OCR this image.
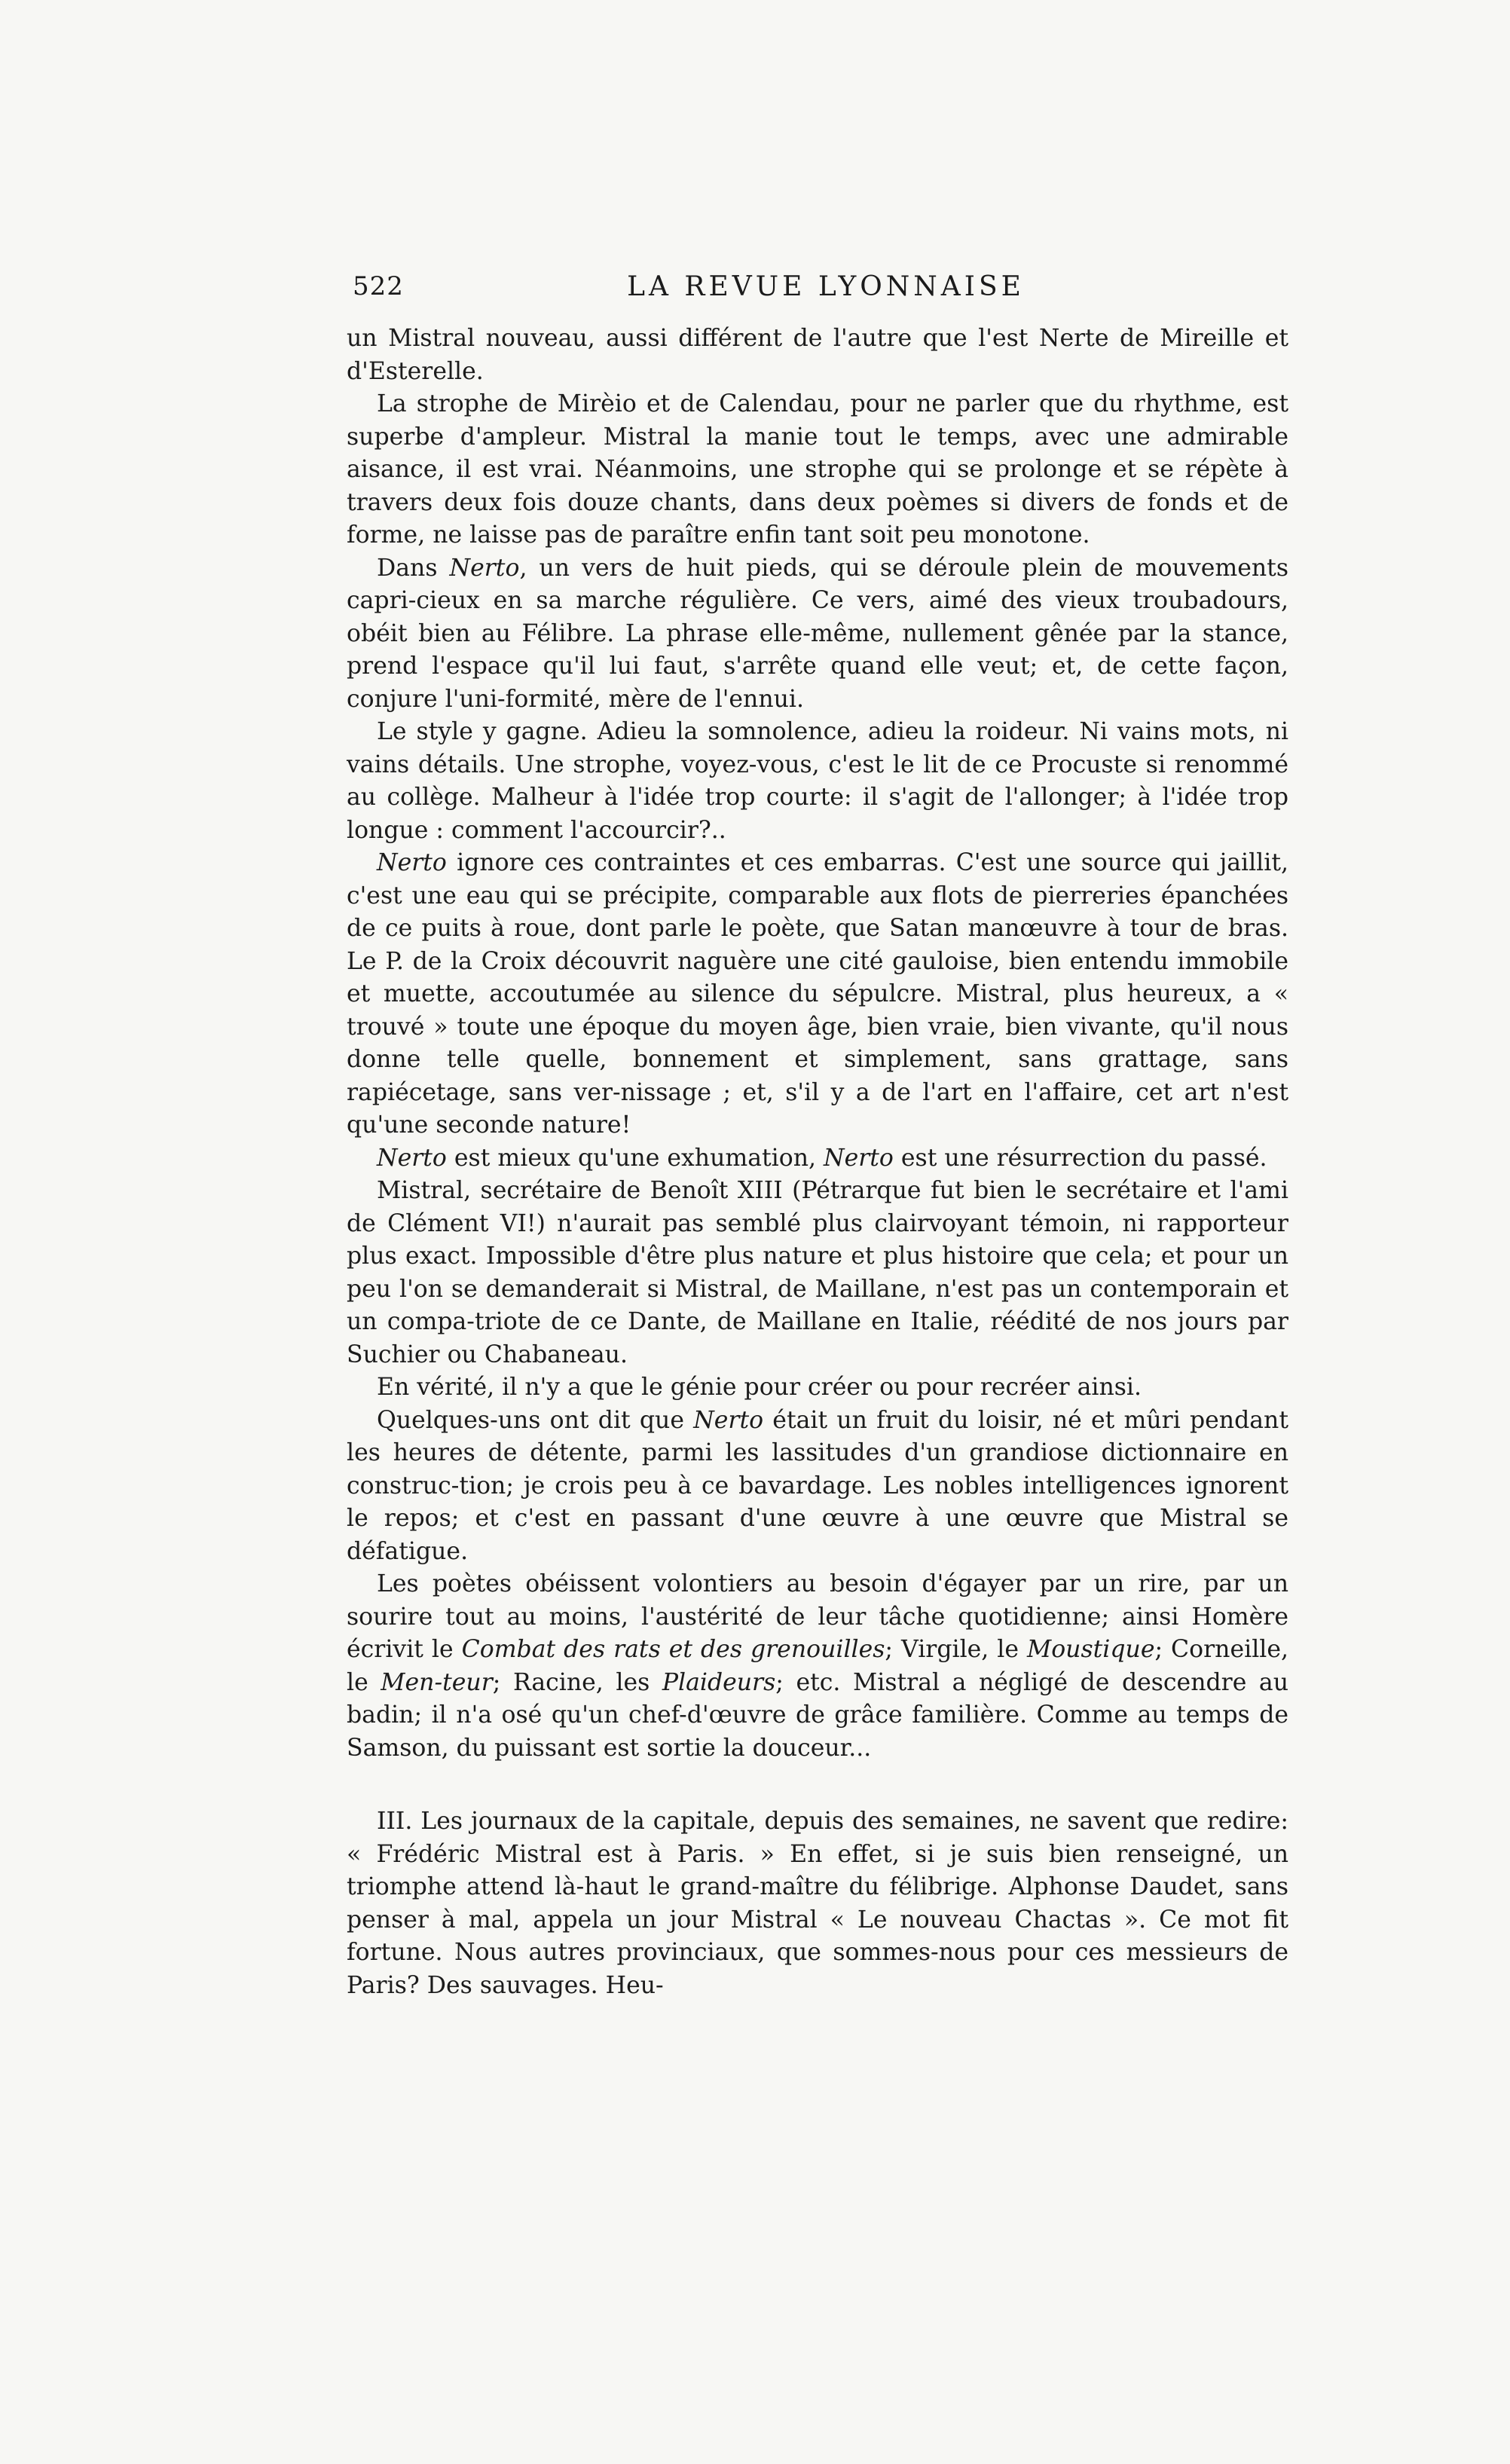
522	LA REVUE LYONNAISE

un Mistral nouveau, aussi différent de l'autre que l'est Nerte de Mireille et d'Esterelle.

La strophe de Mirèio et de Calendau, pour ne parler que du rhythme, est superbe d'ampleur. Mistral la manie tout le temps, avec une admirable aisance, il est vrai. Néanmoins, une strophe qui se prolonge et se répète à travers deux fois douze chants, dans deux poèmes si divers de fonds et de forme, ne laisse pas de paraître enfin tant soit peu monotone.

Dans Nerto, un vers de huit pieds, qui se déroule plein de mouvements capri-cieux en sa marche régulière. Ce vers, aimé des vieux troubadours, obéit bien au Félibre. La phrase elle-même, nullement gênée par la stance, prend l'espace qu'il lui faut, s'arrête quand elle veut; et, de cette façon, conjure l'uni-formité, mère de l'ennui.

Le style y gagne. Adieu la somnolence, adieu la roideur. Ni vains mots, ni vains détails. Une strophe, voyez-vous, c'est le lit de ce Procuste si renommé au collège. Malheur à l'idée trop courte: il s'agit de l'allonger; à l'idée trop longue : comment l'accourcir?..

Nerto ignore ces contraintes et ces embarras. C'est une source qui jaillit, c'est une eau qui se précipite, comparable aux flots de pierreries épanchées de ce puits à roue, dont parle le poète, que Satan manœuvre à tour de bras. Le P. de la Croix découvrit naguère une cité gauloise, bien entendu immobile et muette, accoutumée au silence du sépulcre. Mistral, plus heureux, a « trouvé » toute une époque du moyen âge, bien vraie, bien vivante, qu'il nous donne telle quelle, bonnement et simplement, sans grattage, sans rapiécetage, sans ver-nissage ; et, s'il y a de l'art en l'affaire, cet art n'est qu'une seconde nature!

Nerto est mieux qu'une exhumation, Nerto est une résurrection du passé.

Mistral, secrétaire de Benoît XIII (Pétrarque fut bien le secrétaire et l'ami de Clément VI!) n'aurait pas semblé plus clairvoyant témoin, ni rapporteur plus exact. Impossible d'être plus nature et plus histoire que cela; et pour un peu l'on se demanderait si Mistral, de Maillane, n'est pas un contemporain et un compa-triote de ce Dante, de Maillane en Italie, réédité de nos jours par Suchier ou Chabaneau.

En vérité, il n'y a que le génie pour créer ou pour recréer ainsi.

Quelques-uns ont dit que Nerto était un fruit du loisir, né et mûri pendant les heures de détente, parmi les lassitudes d'un grandiose dictionnaire en construc-tion; je crois peu à ce bavardage. Les nobles intelligences ignorent le repos; et c'est en passant d'une œuvre à une œuvre que Mistral se défatigue.

Les poètes obéissent volontiers au besoin d'égayer par un rire, par un sourire tout au moins, l'austérité de leur tâche quotidienne; ainsi Homère écrivit le Combat des rats et des grenouilles; Virgile, le Moustique; Corneille, le Men-teur; Racine, les Plaideurs; etc. Mistral a négligé de descendre au badin; il n'a osé qu'un chef-d'œuvre de grâce familière. Comme au temps de Samson, du puissant est sortie la douceur...

III. Les journaux de la capitale, depuis des semaines, ne savent que redire: « Frédéric Mistral est à Paris. » En effet, si je suis bien renseigné, un triomphe attend là-haut le grand-maître du félibrige. Alphonse Daudet, sans penser à mal, appela un jour Mistral « Le nouveau Chactas ». Ce mot fit fortune. Nous autres provinciaux, que sommes-nous pour ces messieurs de Paris? Des sauvages. Heu-
